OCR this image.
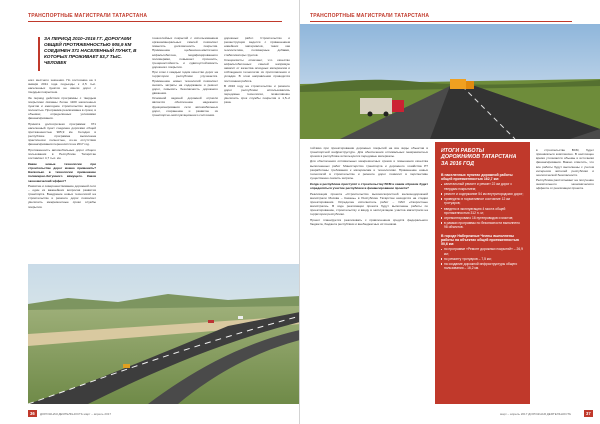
ТРАНСПОРТНЫЕ МАГИСТРАЛИ ТАТАРСТАНА
ЗА ПЕРИОД 2010–2016 ГГ. ДОРОГАМИ ОБЩЕЙ ПРОТЯЖЕННОСТЬЮ 905,9 КМ СОЕДИНЕН 371 НАСЕЛЕННЫЙ ПУНКТ, В КОТОРЫХ ПРОЖИВАЕТ 53,7 ТЫС. ЧЕЛОВЕК

ного местного значения. По состоянию на 1 января 2011 года подъезды к 2,5 тыс. населенных пунктов не имели дорог с твердым покрытием.

За период действия программы с твердым покрытием связаны более 1100 населенных пунктов и ежегодное строительство ведется полностью. Программа реализована в сроки, в объемах, определённых условиями финансирования.

Принята долгосрочная программа: 371 населенный пункт соединен дорогами общей протяженностью 905,9 км. Сегодня в республике программа выполнена практически полностью, из-за отсутствия финансирования переносится на 2017 год.

Протяженность автомобильных дорог общего пользования в Республике Татарстан составляет 4,7 тыс. км.

Какие новые технологии при строительстве дорог можно применить? Насколько в технологии применение полимерно-битумного вяжущего. Каков экономический эффект?

Развитие и совершенствование дорожной сети – один из важнейших вопросов развития транспорта. Внедрение новых технологий на строительстве и ремонте дорог позволяет увеличить межремонтные сроки службы покрытия.

тонкослойных покрытий с использованием органоминеральных смесей позволяет повысить долговечность покрытия. Применение щебеночно-мастичного асфальтобетона, модифицированного полимерами, повышает прочность, трещиностойкость и сдвигоустойчивость дорожного покрытия.

При этом с каждым годом качество дорог на территории республики улучшается. Применение новых технологий позволяет снизить затраты на содержание и ремонт дорог, повысить безопасность дорожного движения.

Основной задачей дорожной отрасли является обеспечение надежного функционирования сети автомобильных дорог, сохранение и развитие их транспортно-эксплуатационного состояния.

дорожных работ. Строительство и реконструкция ведется с применением новейших материалов, таких как геосинтетика, полимерные добавки, стабилизаторы грунтов.

Специалисты отмечают, что качество асфальтобетонных смесей напрямую зависит от качества исходных материалов и соблюдения технологии их приготовления и укладки. В этом направлении проводится постоянная работа.

В 2016 году на строительстве и ремонте дорог республики использовались передовые технологии, позволившие увеличить срок службы покрытия в 1,5–2 раза.

36	ДОРОЖНАЯ ДЕЯТЕЛЬНОСТЬ март – апрель 2017
ТРАНСПОРТНЫЕ МАГИСТРАЛИ ТАТАРСТАНА

тойчиво при проектировании дорожных покрытий на все виды объектов в транспортной инфраструктуре. Для обеспечения оптимальных межремонтных сроков в республике используются передовые материалы.

Для обеспечения оптимальных межремонтных сроков и повышения качества выполненных работ Министерство транспорта и дорожного хозяйства РТ разработаны требования к материалам и технологиям. Применение новых технологий в строительстве и ремонте дорог позволит в перспективе существенно снизить затраты.

Когда и республике приступят к строительству ВСМ и каким образом будет определяться участие республики в финансировании проекта?

Реализация проекта «Строительство высокоскоростной железнодорожной магистрали Москва – Казань» в Республике Татарстан находится на стадии проектирования. Определен исполнитель работ – ОАО «Скоростные магистрали». В ходе реализации проекта будут выполнены работы по проектированию, строительству и вводу в эксплуатацию участка магистрали на территории республики.

Проект планируется реализовать с привлечением средств федерального бюджета, бюджета республики и внебюджетных источников.

ИТОГИ РАБОТЫ ДОРОЖНИКОВ ТАТАРСТАНА ЗА 2016 ГОД
В населенных пунктах дорожной работы общей протяженностью 162,7 км:
капитальный ремонт и ремонт 22 км дорог с твердым покрытием;
ремонт и содержание 54 км внутригородских дорог;
приведено в нормативное состояние 12 км тротуаров;
введено в эксплуатацию 4 моста общей протяженностью 312 п. м;
отремонтировано 16 путепроводов и мостов;
в рамках программы по безопасности выполнено 98 объектов.
В городе Набережные Челны выполнены работы на объектах общей протяженностью 50,6 км:
по программе «Ремонт дорожных покрытий» – 26,9 км;
по ремонту тротуаров – 7,5 км;
на создание дорожной инфраструктуры общего пользования – 16,2 км.

в строительстве ВСМ, будет приниматься комплексно. В настоящее время уточняются объемы и источники финансирования. Важно отметить, что все работы будут выполнены с учетом интересов жителей республики и экологической безопасности.

Республика рассчитывает на получение значительного экономического эффекта от реализации проекта.

37
март – апрель 2017 ДОРОЖНАЯ ДЕЯТЕЛЬНОСТЬ
